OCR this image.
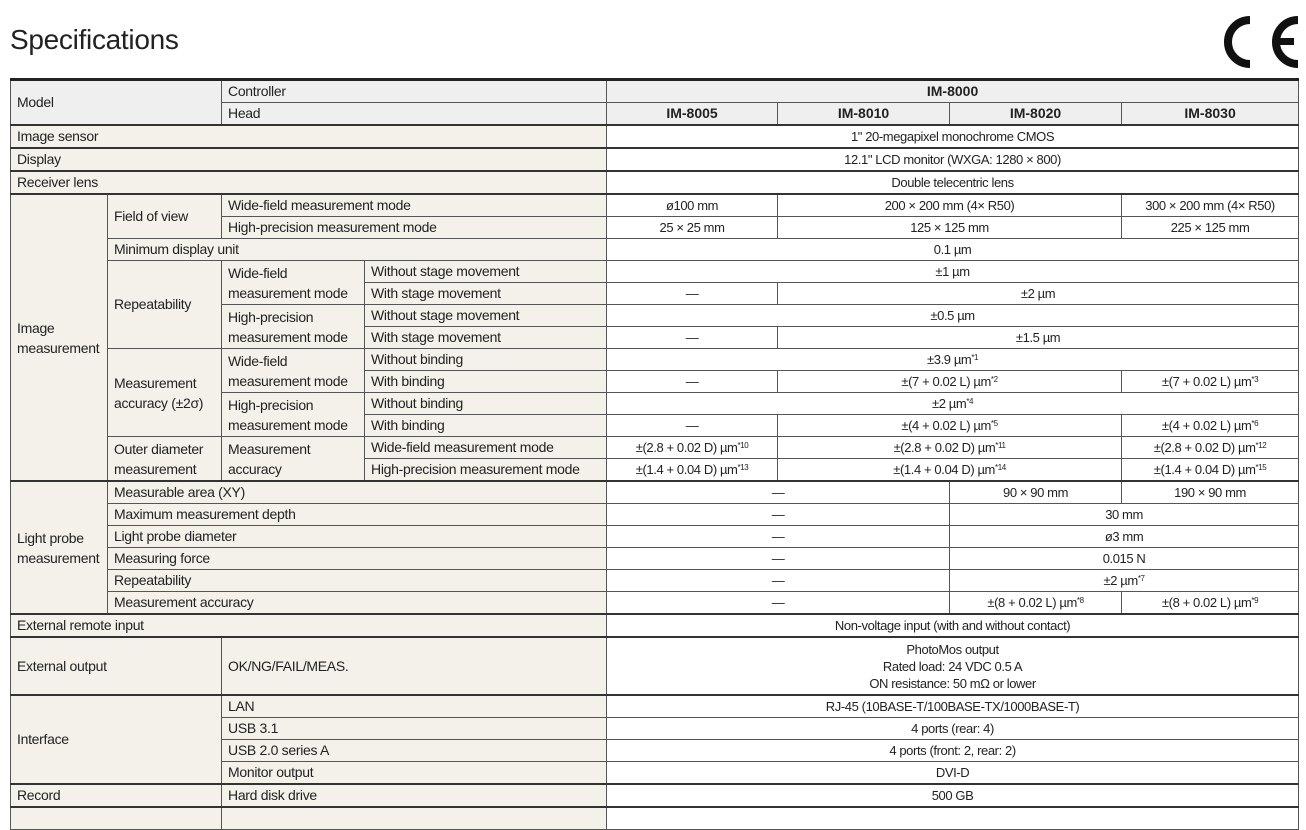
Specifications
Model		Controller		IM-8000			
		Head		IM-8005	IM-8010	IM-8020	IM-8030
Image sensor				1" 20-megapixel monochrome CMOS			
Display				12.1" LCD monitor (WXGA: 1280 × 800)			
Receiver lens				Double telecentric lens			
Image measurement	Field of view	Wide-field measurement mode		ø100 mm	200 × 200 mm (4× R50)		300 × 200 mm (4× R50)
		High-precision measurement mode		25 × 25 mm	125 × 125 mm		225 × 125 mm
	Minimum display unit			0.1 µm			
	Repeatability	Wide-field measurement mode	Without stage movement	±1 µm			
			With stage movement	—	±2 µm		
		High-precision measurement mode	Without stage movement	±0.5 µm			
			With stage movement	—	±1.5 µm		
	Measurement accuracy (±2σ)	Wide-field measurement mode	Without binding	±3.9 µm$^{*1}$
			With binding	—	±(7 + 0.02 L) µm$^{*2}$		±(7 + 0.02 L) µm$^{*3}$
		High-precision measurement mode	Without binding	±2 µm$^{*4}$
			With binding	—	±(4 + 0.02 L) µm$^{*5}$		±(4 + 0.02 L) µm$^{*6}$
	Outer diameter measurement	Measurement accuracy	Wide-field measurement mode	±(2.8 + 0.02 D) µm$^{*10}$	±(2.8 + 0.02 D) µm$^{*11}$		±(2.8 + 0.02 D) µm$^{*12}$
			High-precision measurement mode	±(1.4 + 0.04 D) µm$^{*13}$	±(1.4 + 0.04 D) µm$^{*14}$		±(1.4 + 0.04 D) µm$^{*15}$
Light probe measurement	Measurable area (XY)			—		90 × 90 mm	190 × 90 mm
	Maximum measurement depth			—		30 mm	
	Light probe diameter			—		ø3 mm	
	Measuring force			—		0.015 N	
	Repeatability			—		±2 µm$^{*7}$
	Measurement accuracy			—		±(8 + 0.02 L) µm$^{*8}$	±(8 + 0.02 L) µm$^{*9}$
External remote input				Non-voltage input (with and without contact)			
External output		OK/NG/FAIL/MEAS.		PhotoMos output
Rated load: 24 VDC 0.5 A
ON resistance: 50 mΩ or lower			

Interface		LAN		RJ-45 (10BASE-T/100BASE-TX/1000BASE-T)			
		USB 3.1		4 ports (rear: 4)			
		USB 2.0 series A		4 ports (front: 2, rear: 2)			
		Monitor output		DVI-D			
Record		Hard disk drive		500 GB			
